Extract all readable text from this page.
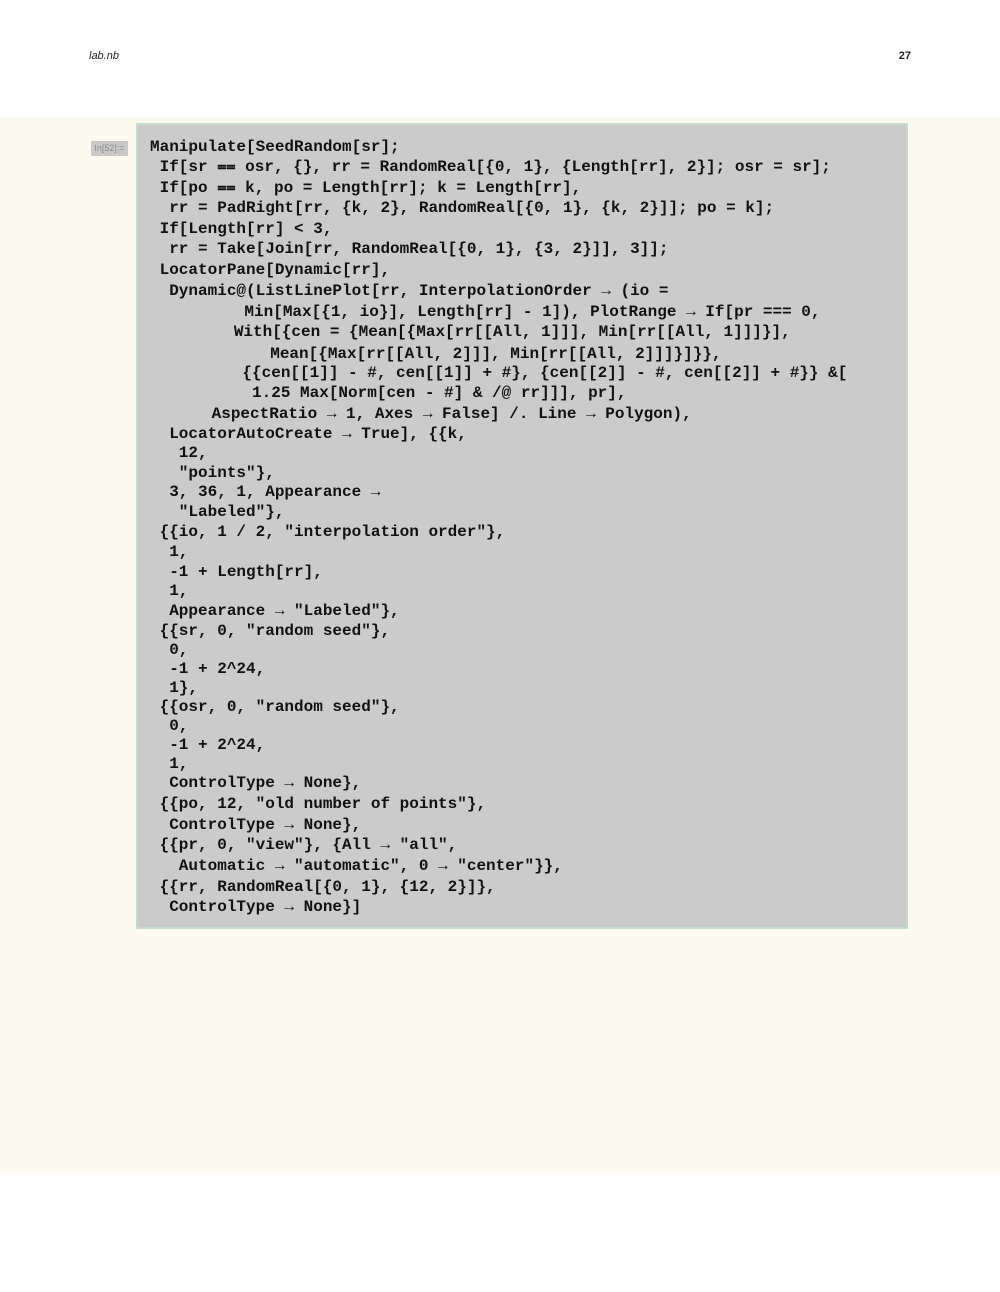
lab.nb	27
In[52]:= Manipulate[SeedRandom[sr];
If[sr ⩵ osr, {}, rr = RandomReal[{0, 1}, {Length[rr], 2}]; osr = sr];
If[po ⩵ k, po = Length[rr]; k = Length[rr],
rr = PadRight[rr, {k, 2}, RandomReal[{0, 1}, {k, 2}]]; po = k];
If[Length[rr] < 3,
rr = Take[Join[rr, RandomReal[{0, 1}, {3, 2}]], 3]];
LocatorPane[Dynamic[rr],
Dynamic@(ListLinePlot[rr, InterpolationOrder → (io =
Min[Max[{1, io}], Length[rr] - 1]), PlotRange → If[pr === 0,
With[{cen = {Mean[{Max[rr[[All, 1]]], Min[rr[[All, 1]]]}],
Mean[{Max[rr[[All, 2]]], Min[rr[[All, 2]]]}]}},
{{cen[[1]] - #, cen[[1]] + #}, {cen[[2]] - #, cen[[2]] + #}} &[
1.25 Max[Norm[cen - #] & /@ rr]]], pr],
AspectRatio → 1, Axes → False] /. Line → Polygon),
LocatorAutoCreate → True], {{k,
12,
"points"},
3, 36, 1, Appearance →
"Labeled"},
{{io, 1 / 2, "interpolation order"},
1,
-1 + Length[rr],
1,
Appearance → "Labeled"},
{{sr, 0, "random seed"},
0,
-1 + 2^24,
1},
{{osr, 0, "random seed"},
0,
-1 + 2^24,
1,
ControlType → None},
{{po, 12, "old number of points"},
ControlType → None},
{{pr, 0, "view"}, {All → "all",
Automatic → "automatic", 0 → "center"}},
{{rr, RandomReal[{0, 1}, {12, 2}]},
ControlType → None}]
